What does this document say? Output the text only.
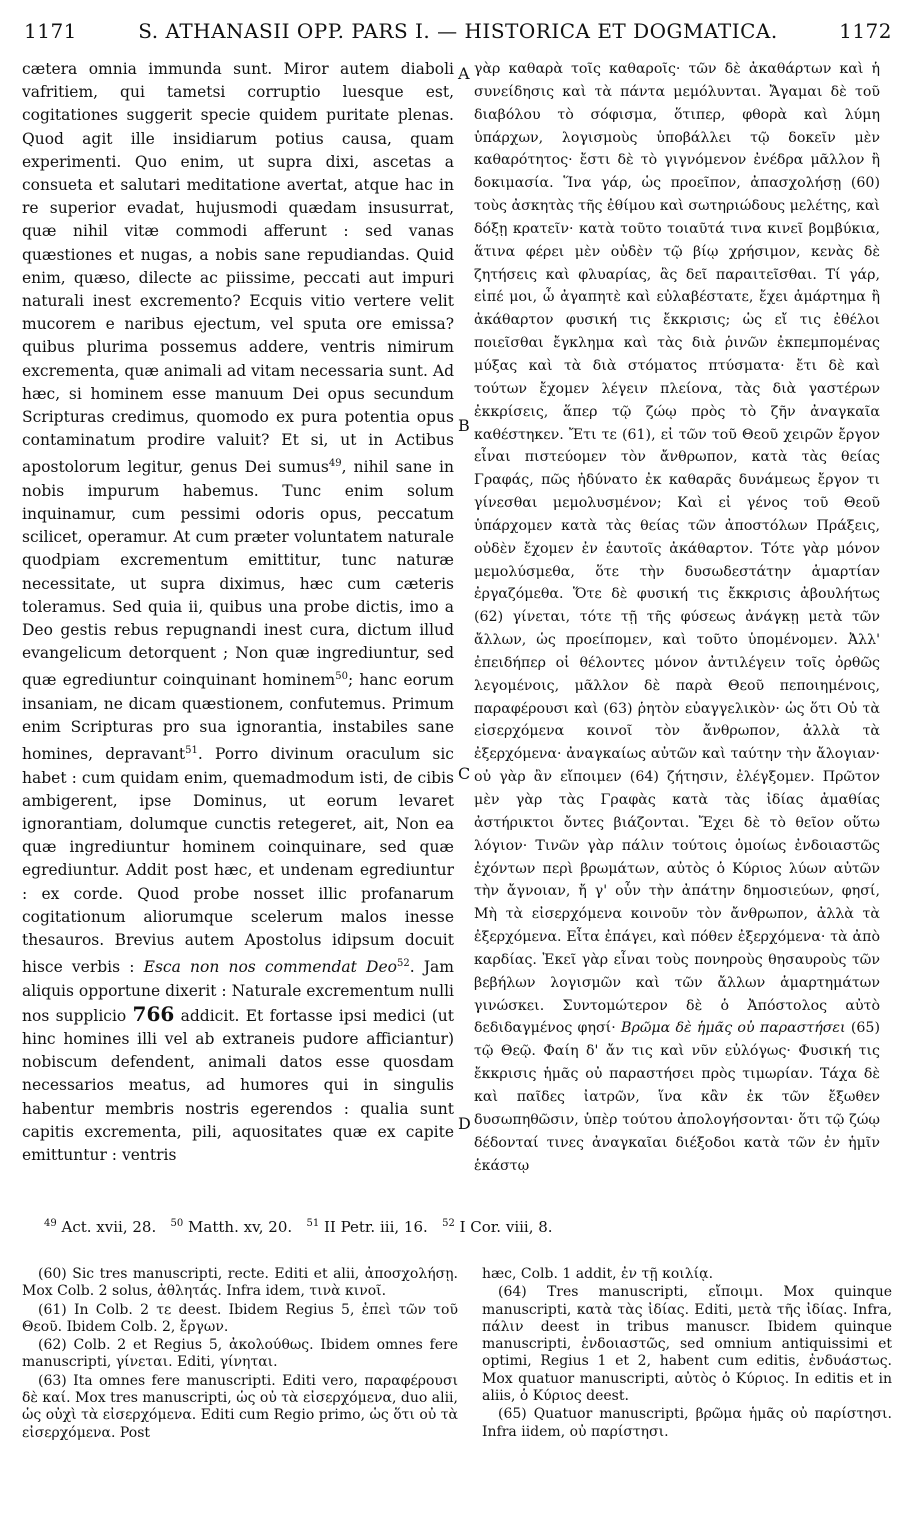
1171	S. ATHANASII OPP. PARS I. — HISTORICA ET DOGMATICA.	1172

cætera omnia immunda sunt. Miror autem diaboli vafritiem, qui tametsi corruptio luesque est, cogitationes suggerit specie quidem puritate plenas. Quod agit ille insidiarum potius causa, quam experimenti. Quo enim, ut supra dixi, ascetas a consueta et salutari meditatione avertat, atque hac in re superior evadat, hujusmodi quædam insusurrat, quæ nihil vitæ commodi afferunt : sed vanas quæstiones et nugas, a nobis sane repudiandas. Quid enim, quæso, dilecte ac piissime, peccati aut impuri naturali inest excremento? Ecquis vitio vertere velit mucorem e naribus ejectum, vel sputa ore emissa? quibus plurima possemus addere, ventris nimirum excrementa, quæ animali ad vitam necessaria sunt. Ad hæc, si hominem esse manuum Dei opus secundum Scripturas credimus, quomodo ex pura potentia opus contaminatum prodire valuit? Et si, ut in Actibus apostolorum legitur, genus Dei sumus$^{49}$, nihil sane in nobis impurum habemus. Tunc enim solum inquinamur, cum pessimi odoris opus, peccatum scilicet, operamur. At cum præter voluntatem naturale quodpiam excrementum emittitur, tunc naturæ necessitate, ut supra diximus, hæc cum cæteris toleramus. Sed quia ii, quibus una probe dictis, imo a Deo gestis rebus repugnandi inest cura, dictum illud evangelicum detorquent ; Non quæ ingrediuntur, sed quæ egrediuntur coinquinant hominem$^{50}$; hanc eorum insaniam, ne dicam quæstionem, confutemus. Primum enim Scripturas pro sua ignorantia, instabiles sane homines, depravant$^{51}$. Porro divinum oraculum sic habet : cum quidam enim, quemadmodum isti, de cibis ambigerent, ipse Dominus, ut eorum levaret ignorantiam, dolumque cunctis retegeret, ait, Non ea quæ ingrediuntur hominem coinquinare, sed quæ egrediuntur. Addit post hæc, et undenam egrediuntur : ex corde. Quod probe nosset illic profanarum cogitationum aliorumque scelerum malos inesse thesauros. Brevius autem Apostolus idipsum docuit hisce verbis : Esca non nos commendat Deo$^{52}$. Jam aliquis opportune dixerit : Naturale excrementum nulli nos supplicio 766 addicit. Et fortasse ipsi medici (ut hinc homines illi vel ab extraneis pudore afficiantur) nobiscum defendent, animali datos esse quosdam necessarios meatus, ad humores qui in singulis habentur membris nostris egerendos : qualia sunt capitis excrementa, pili, aquositates quæ ex capite emittuntur : ventris

A
B
C
D

γὰρ καθαρὰ τοῖς καθαροῖς· τῶν δὲ ἀκαθάρτων καὶ ἡ συνείδησις καὶ τὰ πάντα μεμόλυνται. Ἄγαμαι δὲ τοῦ διαβόλου τὸ σόφισμα, ὅτιπερ, φθορὰ καὶ λύμη ὑπάρχων, λογισμοὺς ὑποβάλλει τῷ δοκεῖν μὲν καθαρότητος· ἔστι δὲ τὸ γιγνόμενον ἐνέδρα μᾶλλον ἢ δοκιμασία. Ἵνα γάρ, ὡς προεῖπον, ἀπασχολήσῃ (60) τοὺς ἀσκητὰς τῆς ἐθίμου καὶ σωτηριώδους μελέτης, καὶ δόξῃ κρατεῖν· κατὰ τοῦτο τοιαῦτά τινα κινεῖ βομβύκια, ἅτινα φέρει μὲν οὐδὲν τῷ βίῳ χρήσιμον, κενὰς δὲ ζητήσεις καὶ φλυαρίας, ἃς δεῖ παραιτεῖσθαι. Τί γάρ, εἰπέ μοι, ὦ ἀγαπητὲ καὶ εὐλαβέστατε, ἔχει ἁμάρτημα ἢ ἀκάθαρτον φυσική τις ἔκκρισις; ὡς εἴ τις ἐθέλοι ποιεῖσθαι ἔγκλημα καὶ τὰς διὰ ῥινῶν ἐκπεμπομένας μύξας καὶ τὰ διὰ στόματος πτύσματα· ἔτι δὲ καὶ τούτων ἔχομεν λέγειν πλείονα, τὰς διὰ γαστέρων ἐκκρίσεις, ἅπερ τῷ ζώῳ πρὸς τὸ ζῆν ἀναγκαῖα καθέστηκεν. Ἔτι τε (61), εἰ τῶν τοῦ Θεοῦ χειρῶν ἔργον εἶναι πιστεύομεν τὸν ἄνθρωπον, κατὰ τὰς θείας Γραφάς, πῶς ἠδύνατο ἐκ καθαρᾶς δυνάμεως ἔργον τι γίνεσθαι μεμολυσμένον; Καὶ εἰ γένος τοῦ Θεοῦ ὑπάρχομεν κατὰ τὰς θείας τῶν ἀποστόλων Πράξεις, οὐδὲν ἔχομεν ἐν ἑαυτοῖς ἀκάθαρτον. Τότε γὰρ μόνον μεμολύσμεθα, ὅτε τὴν δυσωδεστάτην ἁμαρτίαν ἐργαζόμεθα. Ὅτε δὲ φυσική τις ἔκκρισις ἀβουλήτως (62) γίνεται, τότε τῇ τῆς φύσεως ἀνάγκῃ μετὰ τῶν ἄλλων, ὡς προείπομεν, καὶ τοῦτο ὑπομένομεν. Ἀλλ' ἐπειδήπερ οἱ θέλοντες μόνον ἀντιλέγειν τοῖς ὀρθῶς λεγομένοις, μᾶλλον δὲ παρὰ Θεοῦ πεποιημένοις, παραφέρουσι καὶ (63) ῥητὸν εὐαγγελικὸν· ὡς ὅτι Οὐ τὰ εἰσερχόμενα κοινοῖ τὸν ἄνθρωπον, ἀλλὰ τὰ ἐξερχόμενα· ἀναγκαίως αὐτῶν καὶ ταύτην τὴν ἄλογιαν· οὐ γὰρ ἂν εἴποιμεν (64) ζήτησιν, ἐλέγξομεν. Πρῶτον μὲν γὰρ τὰς Γραφὰς κατὰ τὰς ἰδίας ἀμαθίας ἀστήρικτοι ὄντες βιάζονται. Ἔχει δὲ τὸ θεῖον οὕτω λόγιον· Τινῶν γὰρ πάλιν τούτοις ὁμοίως ἐνδοιαστῶς ἐχόντων περὶ βρωμάτων, αὐτὸς ὁ Κύριος λύων αὐτῶν τὴν ἄγνοιαν, ἤ γ' οὖν τὴν ἀπάτην δημοσιεύων, φησί, Μὴ τὰ εἰσερχόμενα κοινοῦν τὸν ἄνθρωπον, ἀλλὰ τὰ ἐξερχόμενα. Εἶτα ἐπάγει, καὶ πόθεν ἐξερχόμενα· τὰ ἀπὸ καρδίας. Ἐκεῖ γὰρ εἶναι τοὺς πονηροὺς θησαυροὺς τῶν βεβήλων λογισμῶν καὶ τῶν ἄλλων ἁμαρτημάτων γινώσκει. Συντομώτερον δὲ ὁ Ἀπόστολος αὐτὸ δεδιδαγμένος φησί· Βρῶμα δὲ ἡμᾶς οὐ παραστήσει (65) τῷ Θεῷ. Φαίη δ' ἄν τις καὶ νῦν εὐλόγως· Φυσική τις ἔκκρισις ἡμᾶς οὐ παραστήσει πρὸς τιμωρίαν. Τάχα δὲ καὶ παῖδες ἰατρῶν, ἵνα κἂν ἐκ τῶν ἔξωθεν δυσωπηθῶσιν, ὑπὲρ τούτου ἀπολογήσονται· ὅτι τῷ ζώῳ δέδονταί τινες ἀναγκαῖαι διέξοδοι κατὰ τῶν ἐν ἡμῖν ἑκάστῳ

$^{49}$ Act. xvii, 28. $^{50}$ Matth. xv, 20. $^{51}$ II Petr. iii, 16. $^{52}$ I Cor. viii, 8.

(60) Sic tres manuscripti, recte. Editi et alii, ἀποσχολήσῃ. Mox Colb. 2 solus, ἀθλητάς. Infra idem, τινὰ κινοῖ.

(61) In Colb. 2 τε deest. Ibidem Regius 5, ἐπεὶ τῶν τοῦ Θεοῦ. Ibidem Colb. 2, ἔργων.

(62) Colb. 2 et Regius 5, ἀκολούθως. Ibidem omnes fere manuscripti, γίνεται. Editi, γίνηται.

(63) Ita omnes fere manuscripti. Editi vero, παραφέρουσι δὲ καί. Mox tres manuscripti, ὡς οὐ τὰ εἰσερχόμενα, duo alii, ὡς οὐχὶ τὰ εἰσερχόμενα. Editi cum Regio primo, ὡς ὅτι οὐ τὰ εἰσερχόμενα. Post

hæc, Colb. 1 addit, ἐν τῇ κοιλίᾳ.

(64) Tres manuscripti, εἴποιμι. Mox quinque manuscripti, κατὰ τὰς ἰδίας. Editi, μετὰ τῆς ἰδίας. Infra, πάλιν deest in tribus manuscr. Ibidem quinque manuscripti, ἐνδοιαστῶς, sed omnium antiquissimi et optimi, Regius 1 et 2, habent cum editis, ἐνδυάστως. Mox quatuor manuscripti, αὐτὸς ὁ Κύριος. In editis et in aliis, ὁ Κύριος deest.

(65) Quatuor manuscripti, βρῶμα ἡμᾶς οὐ παρίστησι. Infra iidem, οὐ παρίστησι.
